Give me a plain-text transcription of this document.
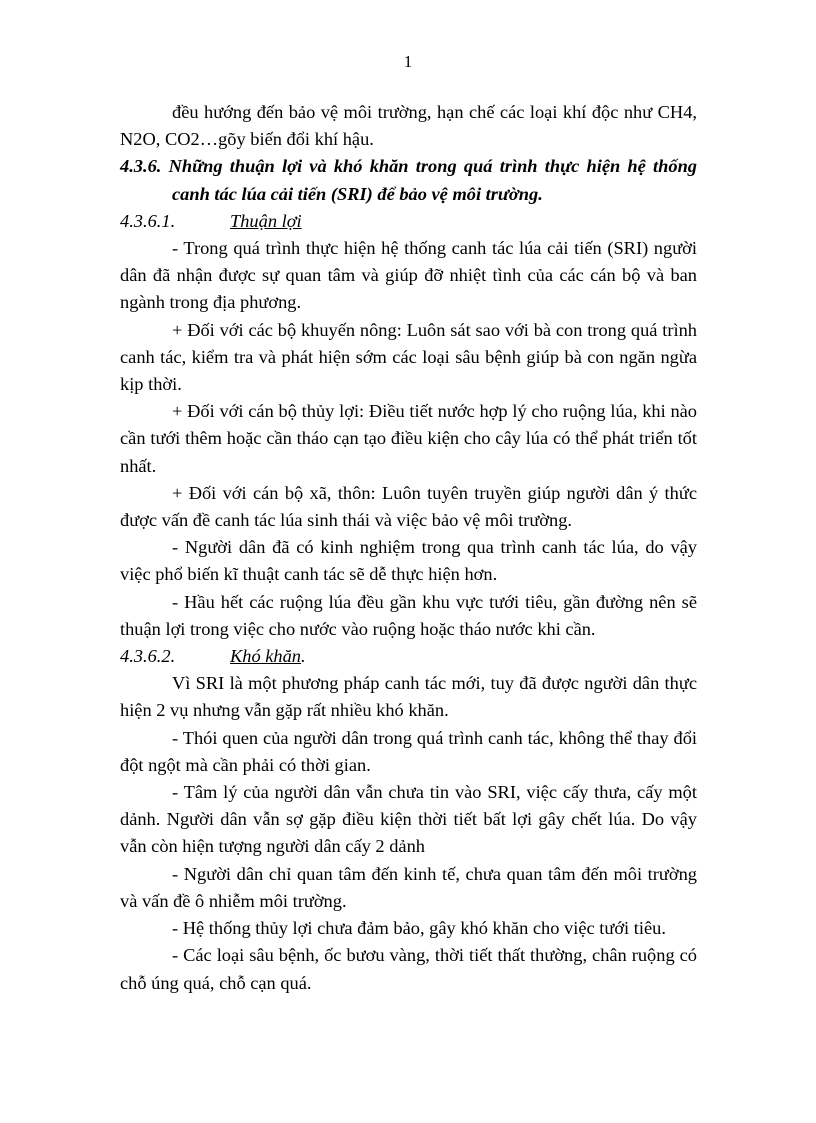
1

đều hướng đến bảo vệ môi trường, hạn chế các loại khí độc như CH4, N2O, CO2…gõy biến đổi khí hậu.

4.3.6. Những thuận lợi và khó khăn trong quá trình thực hiện hệ thống canh tác lúa cải tiến (SRI) để bảo vệ môi trường.

4.3.6.1.	Thuận lợi

- Trong quá trình thực hiện hệ thống canh tác lúa cải tiến (SRI) người dân đã nhận được sự quan tâm và giúp đỡ nhiệt tình của các cán bộ và ban ngành trong địa phương.

+ Đối với các bộ khuyến nông: Luôn sát sao với bà con trong quá trình canh tác, kiểm tra và phát hiện sớm các loại sâu bệnh giúp bà con ngăn ngừa kịp thời.

+ Đối với cán bộ thủy lợi: Điều tiết nước hợp lý cho ruộng lúa, khi nào cần tưới thêm hoặc cần tháo cạn tạo điều kiện cho cây lúa có thể phát triển tốt nhất.

+ Đối với cán bộ xã, thôn: Luôn tuyên truyền giúp người dân ý thức được vấn đề canh tác lúa sinh thái và việc bảo vệ môi trường.

- Người dân đã có kinh nghiệm trong qua trình canh tác lúa, do vậy việc phổ biến kĩ thuật canh tác sẽ dễ thực hiện hơn.

- Hầu hết các ruộng lúa đều gần khu vực tưới tiêu, gần đường nên sẽ thuận lợi trong việc cho nước vào ruộng hoặc tháo nước khi cần.

4.3.6.2.	Khó khăn.

Vì SRI là một phương pháp canh tác mới, tuy đã được người dân thực hiện 2 vụ nhưng vẫn gặp rất nhiều khó khăn.

- Thói quen của người dân trong quá trình canh tác, không thể thay đổi đột ngột mà cần phải có thời gian.

- Tâm lý của người dân vẫn chưa tin vào SRI, việc cấy thưa, cấy một dảnh. Người dân vẫn sợ gặp điều kiện thời tiết bất lợi gây chết lúa. Do vậy vẫn còn hiện tượng người dân cấy 2 dảnh

- Người dân chỉ quan tâm đến kinh tế, chưa quan tâm đến môi trường và vấn đề ô nhiễm môi trường.

- Hệ thống thủy lợi chưa đảm bảo, gây khó khăn cho việc tưới tiêu.

- Các loại sâu bệnh, ốc bươu vàng, thời tiết thất thường, chân ruộng có chỗ úng quá, chỗ cạn quá.
